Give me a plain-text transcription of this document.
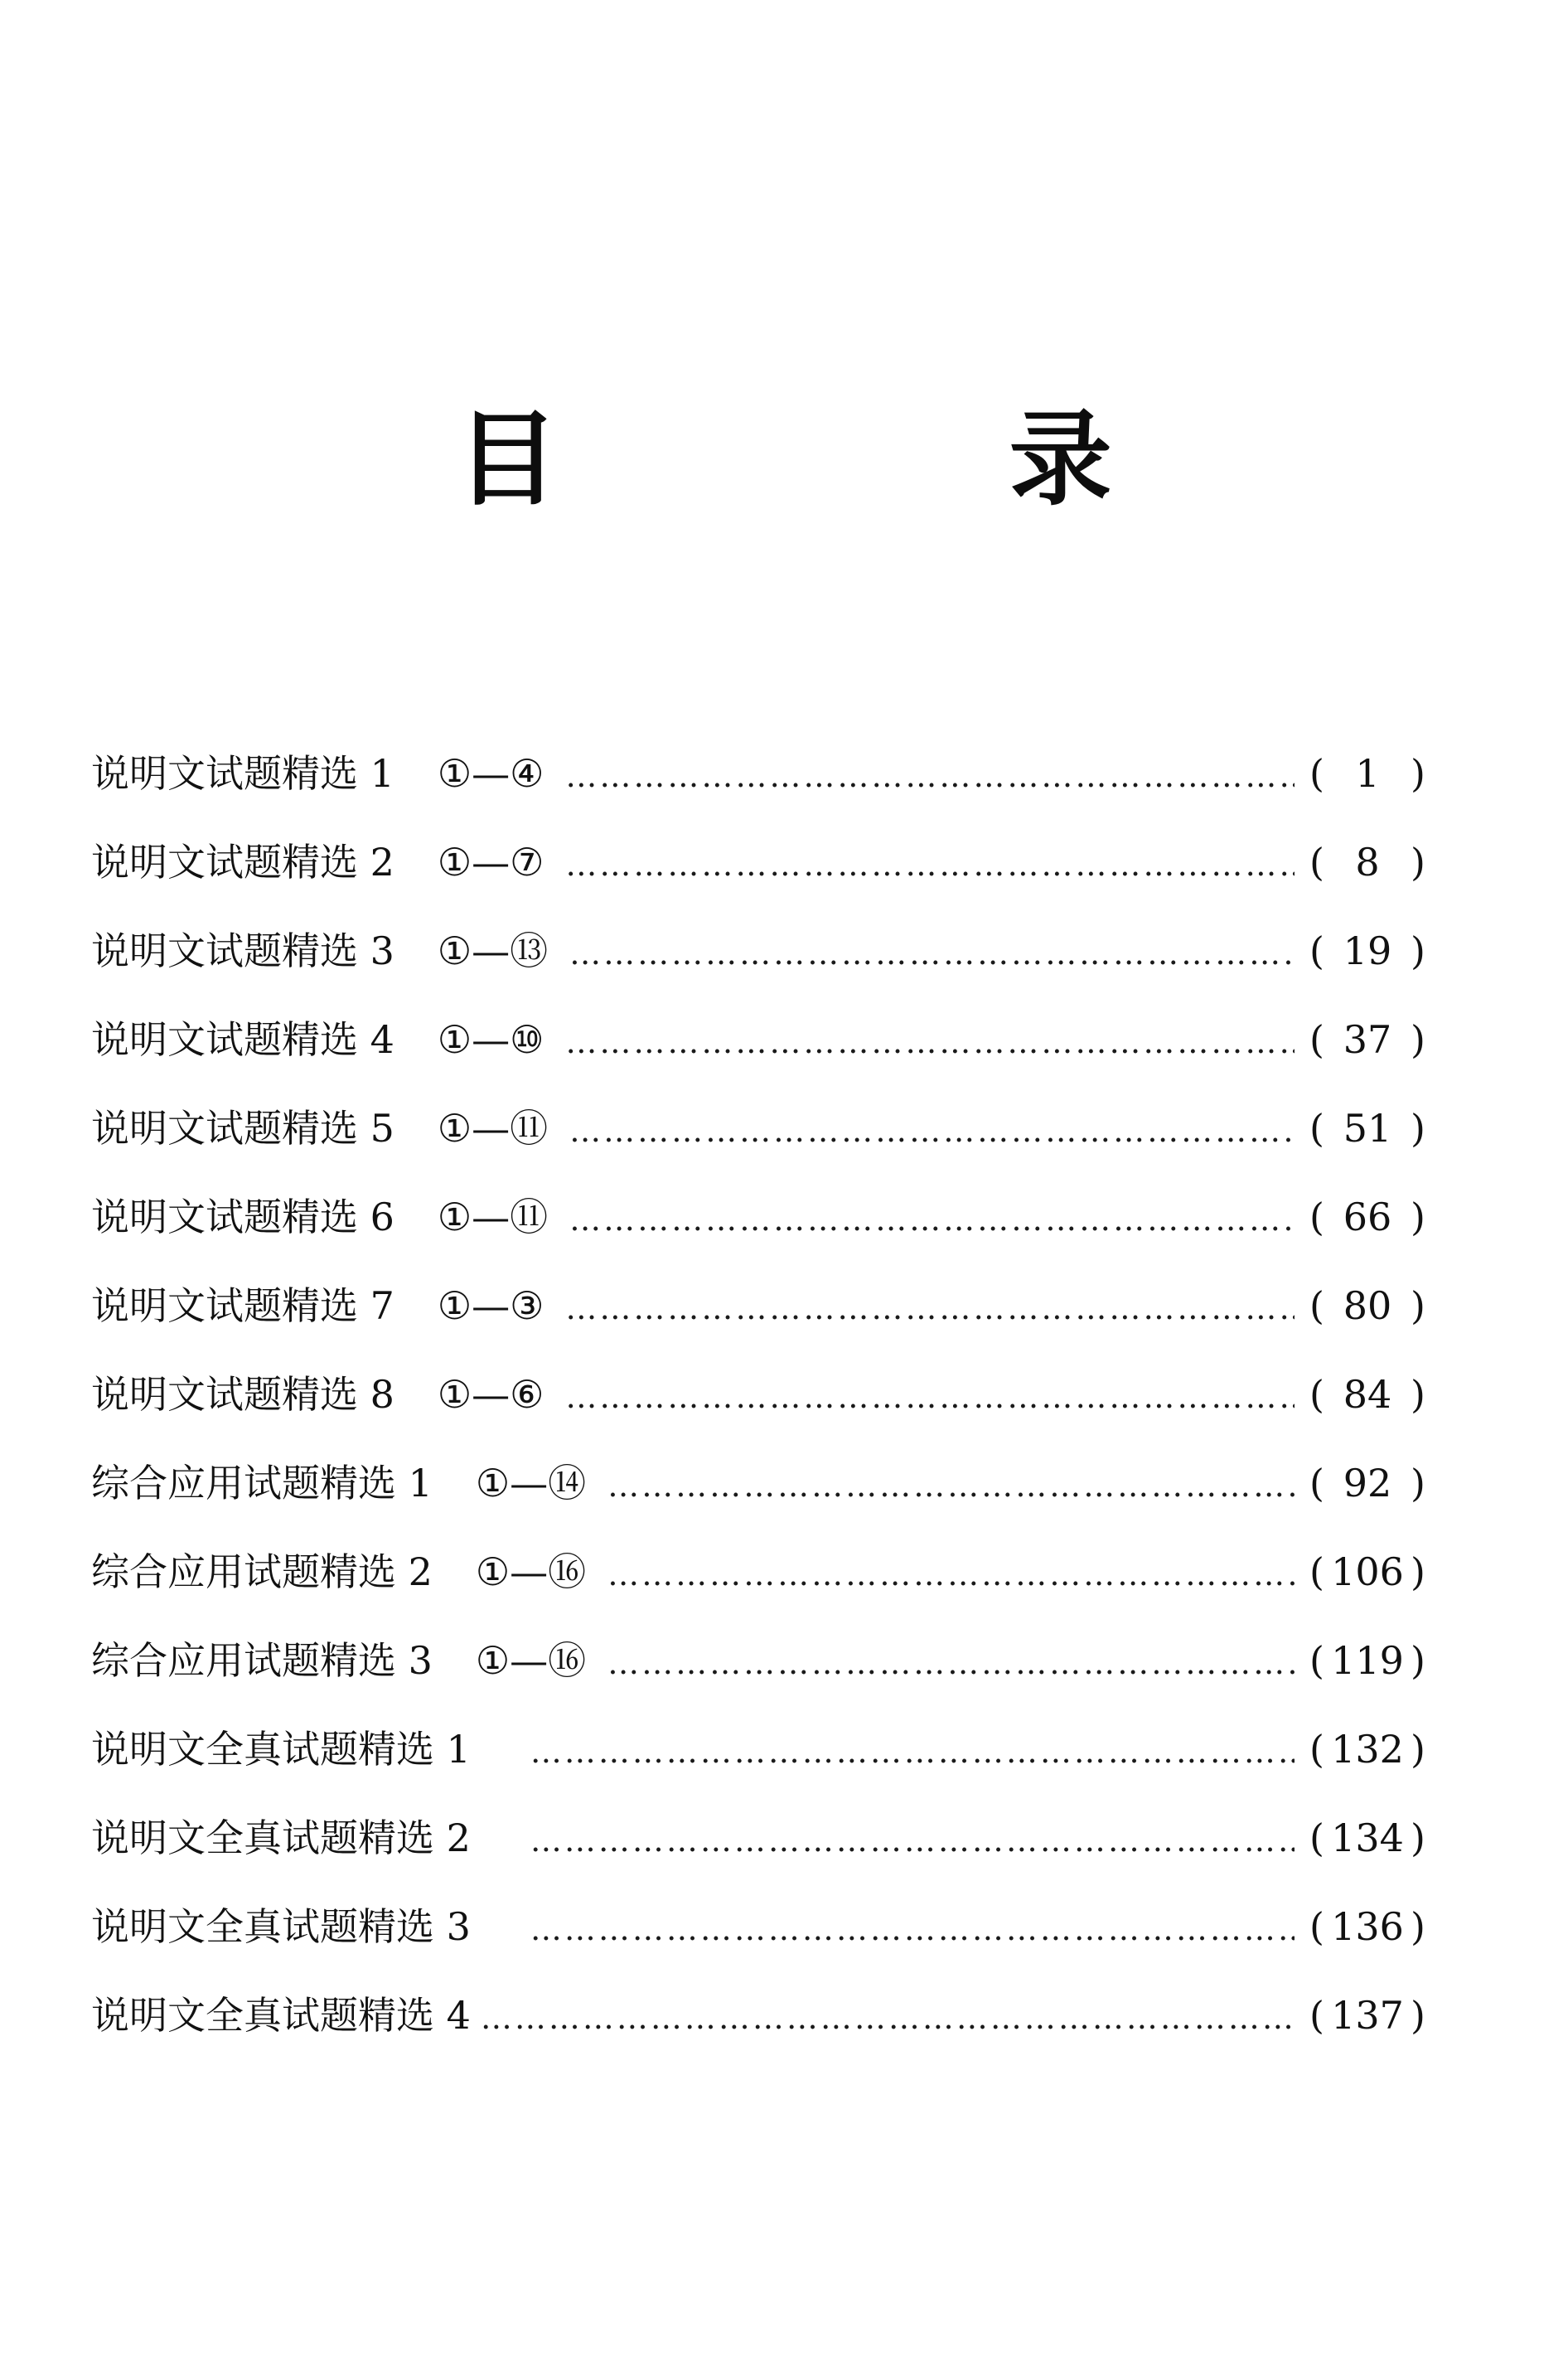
目 录
说明文试题精选 1 ①—④ ……………………………………………………………………………………………………………………………………………………………………………………………………	( 1 )
说明文试题精选 2 ①—⑦ ……………………………………………………………………………………………………………………………………………………………………………………………………	( 8 )
说明文试题精选 3 ①—⑬ ……………………………………………………………………………………………………………………………………………………………………………………………………	( 19 )
说明文试题精选 4 ①—⑩ ……………………………………………………………………………………………………………………………………………………………………………………………………	( 37 )
说明文试题精选 5 ①—⑪ ……………………………………………………………………………………………………………………………………………………………………………………………………	( 51 )
说明文试题精选 6 ①—⑪ ……………………………………………………………………………………………………………………………………………………………………………………………………	( 66 )
说明文试题精选 7 ①—③ ……………………………………………………………………………………………………………………………………………………………………………………………………	( 80 )
说明文试题精选 8 ①—⑥ ……………………………………………………………………………………………………………………………………………………………………………………………………	( 84 )
综合应用试题精选 1 ①—⑭ ……………………………………………………………………………………………………………………………………………………………………………………………………	( 92 )
综合应用试题精选 2 ①—⑯ ……………………………………………………………………………………………………………………………………………………………………………………………………	( 106 )
综合应用试题精选 3 ①—⑯ ……………………………………………………………………………………………………………………………………………………………………………………………………	( 119 )
说明文全真试题精选 1 ……………………………………………………………………………………………………………………………………………………………………………………………………	( 132 )
说明文全真试题精选 2 ……………………………………………………………………………………………………………………………………………………………………………………………………	( 134 )
说明文全真试题精选 3 ……………………………………………………………………………………………………………………………………………………………………………………………………	( 136 )
说明文全真试题精选 4 ……………………………………………………………………………………………………………………………………………………………………………………………………	( 137 )
